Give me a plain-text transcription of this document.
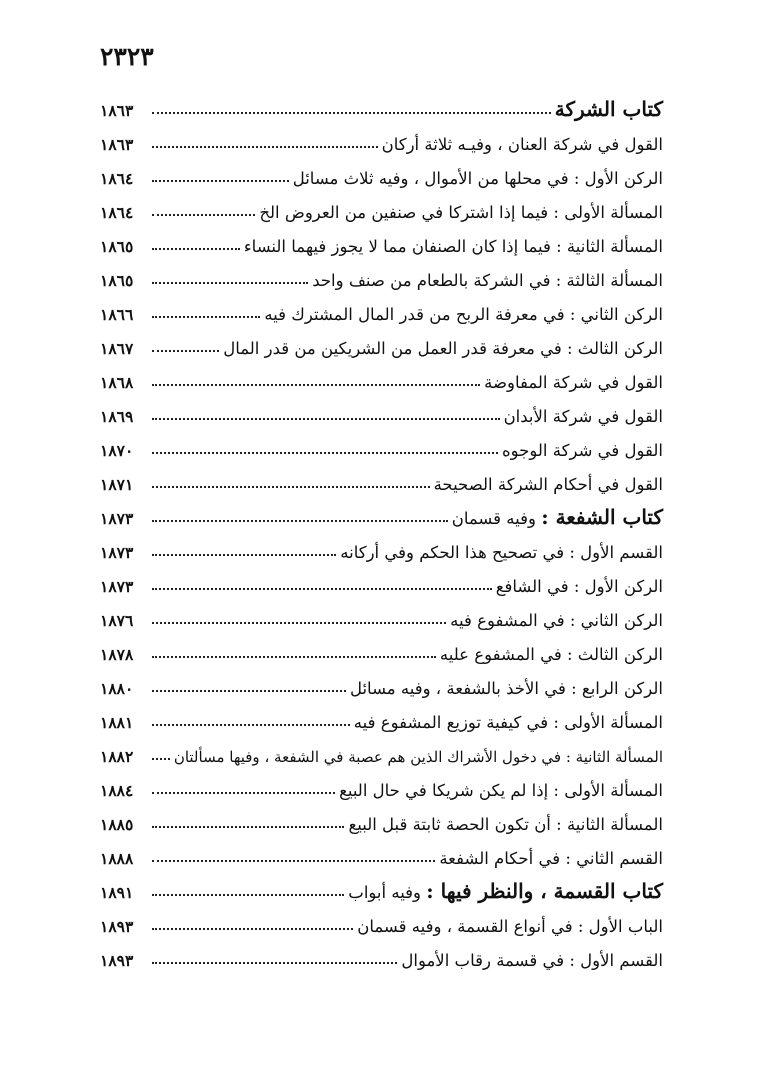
٢٣٢٣
كتاب الشركة
١٨٦٣
القول في شركة العنان ، وفيـه ثلاثة أركان
١٨٦٣
الركن الأول : في محلها من الأموال ، وفيه ثلاث مسائل
١٨٦٤
المسألة الأولى : فيما إذا اشتركا في صنفين من العروض الخ
١٨٦٤
المسألة الثانية : فيما إذا كان الصنفان مما لا يجوز فيهما النساء
١٨٦٥
المسألة الثالثة : في الشركة بالطعام من صنف واحد
١٨٦٥
الركن الثاني : في معرفة الربح من قدر المال المشترك فيه
١٨٦٦
الركن الثالث : في معرفة قدر العمل من الشريكين من قدر المال
١٨٦٧
القول في شركة المفاوضة
١٨٦٨
القول في شركة الأبدان
١٨٦٩
القول في شركة الوجوه
١٨٧٠
القول في أحكام الشركة الصحيحة
١٨٧١
كتاب الشفعة : وفيه قسمان
١٨٧٣
القسم الأول : في تصحيح هذا الحكم وفي أركانه
١٨٧٣
الركن الأول : في الشافع
١٨٧٣
الركن الثاني : في المشفوع فيه
١٨٧٦
الركن الثالث : في المشفوع عليه
١٨٧٨
الركن الرابع : في الأخذ بالشفعة ، وفيه مسائل
١٨٨٠
المسألة الأولى : في كيفية توزيع المشفوع فيه
١٨٨١
المسألة الثانية : في دخول الأشراك الذين هم عصبة في الشفعة ، وفيها مسألتان
١٨٨٢
المسألة الأولى : إذا لم يكن شريكا في حال البيع
١٨٨٤
المسألة الثانية : أن تكون الحصة ثابتة قبل البيع
١٨٨٥
القسم الثاني : في أحكام الشفعة
١٨٨٨
كتاب القسمة ، والنظر فيها : وفيه أبواب
١٨٩١
الباب الأول : في أنواع القسمة ، وفيه قسمان
١٨٩٣
القسم الأول : في قسمة رقاب الأموال
١٨٩٣
